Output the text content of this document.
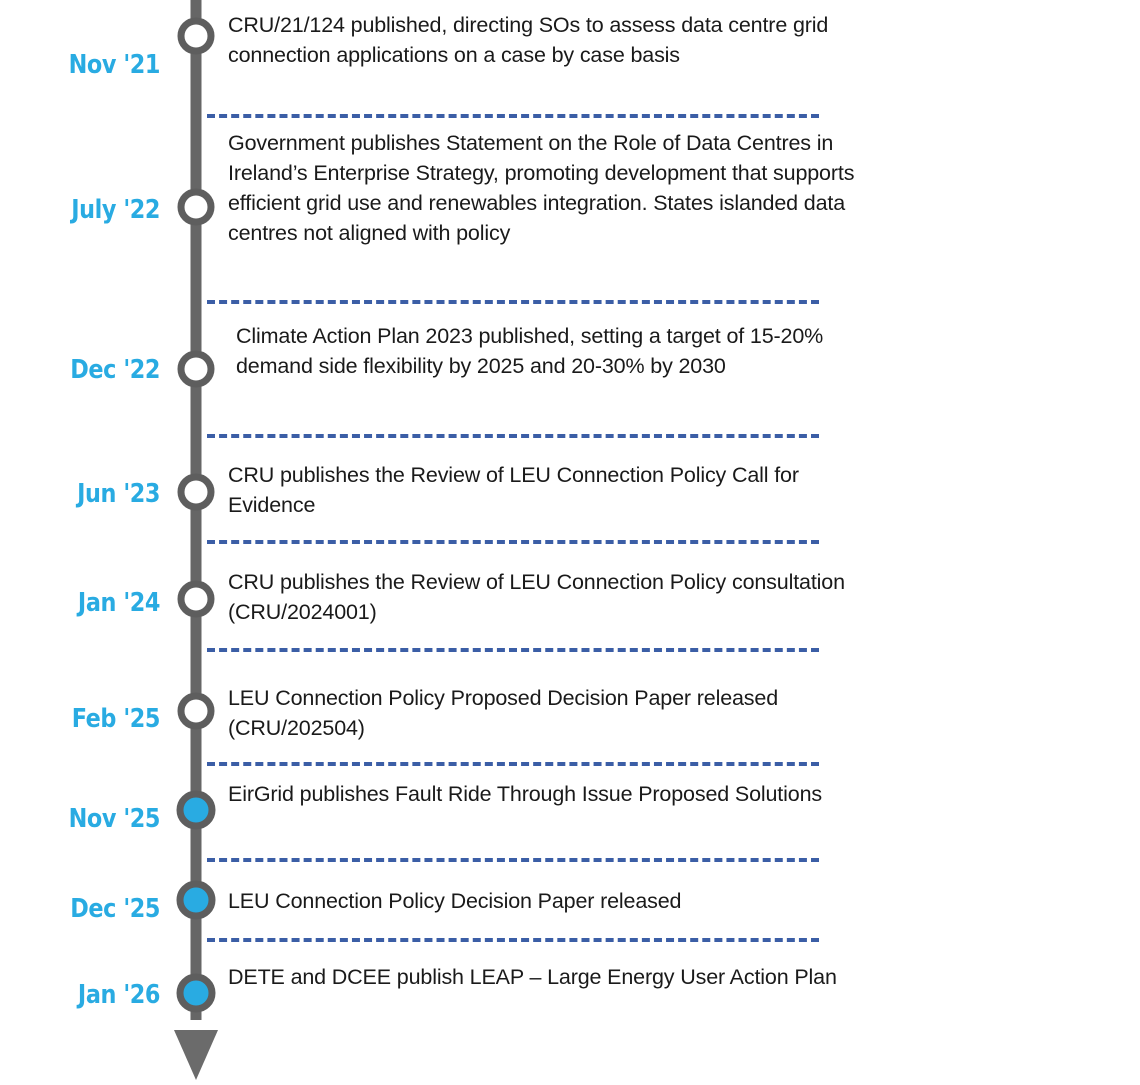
Nov '21
CRU/21/124 published, directing SOs to assess data centre grid connection applications on a case by case basis
July '22
Government publishes Statement on the Role of Data Centres in Ireland’s Enterprise Strategy, promoting development that supports efficient grid use and renewables integration. States islanded data centres not aligned with policy
Dec '22
Climate Action Plan 2023 published, setting a target of 15-20% demand side flexibility by 2025 and 20-30% by 2030
Jun '23
CRU publishes the Review of LEU Connection Policy Call for Evidence
Jan '24
CRU publishes the Review of LEU Connection Policy consultation (CRU/2024001)
Feb '25
LEU Connection Policy Proposed Decision Paper released (CRU/202504)
Nov '25
EirGrid publishes Fault Ride Through Issue Proposed Solutions
Dec '25	LEU Connection Policy Decision Paper released
Jan '26
DETE and DCEE publish LEAP – Large Energy User Action Plan
